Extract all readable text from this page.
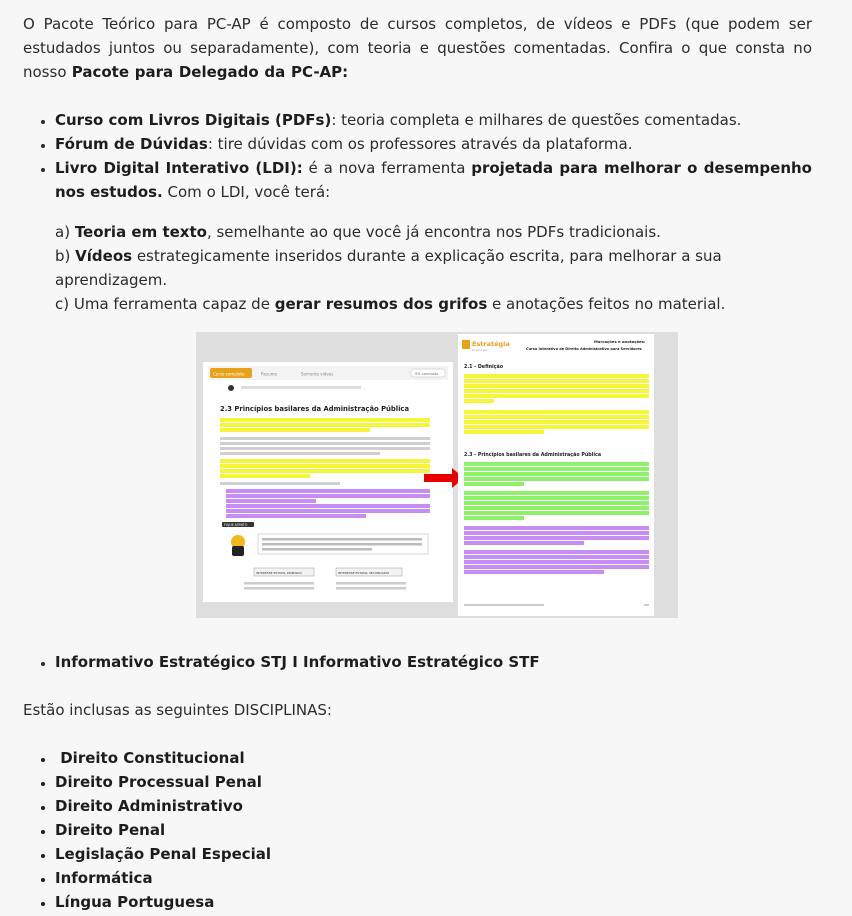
O Pacote Teórico para PC-AP é composto de cursos completos, de vídeos e PDFs (que podem ser estudados juntos ou separadamente), com teoria e questões comentadas. Confira o que consta no nosso Pacote para Delegado da PC-AP:

• Curso com Livros Digitais (PDFs): teoria completa e milhares de questões comentadas.
• Fórum de Dúvidas: tire dúvidas com os professores através da plataforma.
• Livro Digital Interativo (LDI): é a nova ferramenta projetada para melhorar o desempenho nos estudos. Com o LDI, você terá:

a) Teoria em texto, semelhante ao que você já encontra nos PDFs tradicionais.

b) Vídeos estrategicamente inseridos durante a explicação escrita, para melhorar a sua aprendizagem.

c) Uma ferramenta capaz de gerar resumos dos grifos e anotações feitos no material.

Curso completo	Resumo	Somente vídeos	0% concluído
2.3 Princípios basilares da Administração Pública
FIQUE ATENTO
INTERESSE ESTATAL PRIMÁRIO	INTERESSE ESTATAL SECUNDÁRIO
Estratégia
Concursos
Marcações e anotações:
Curso Interativo de Direito Administrativo para Servidores
2.1 - Definição
2.3 - Princípios basilares da Administração Pública
• Informativo Estratégico STJ I Informativo Estratégico STF

Estão inclusas as seguintes DISCIPLINAS:

•  Direito Constitucional
• Direito Processual Penal
• Direito Administrativo
• Direito Penal
• Legislação Penal Especial
• Informática
• Língua Portuguesa
